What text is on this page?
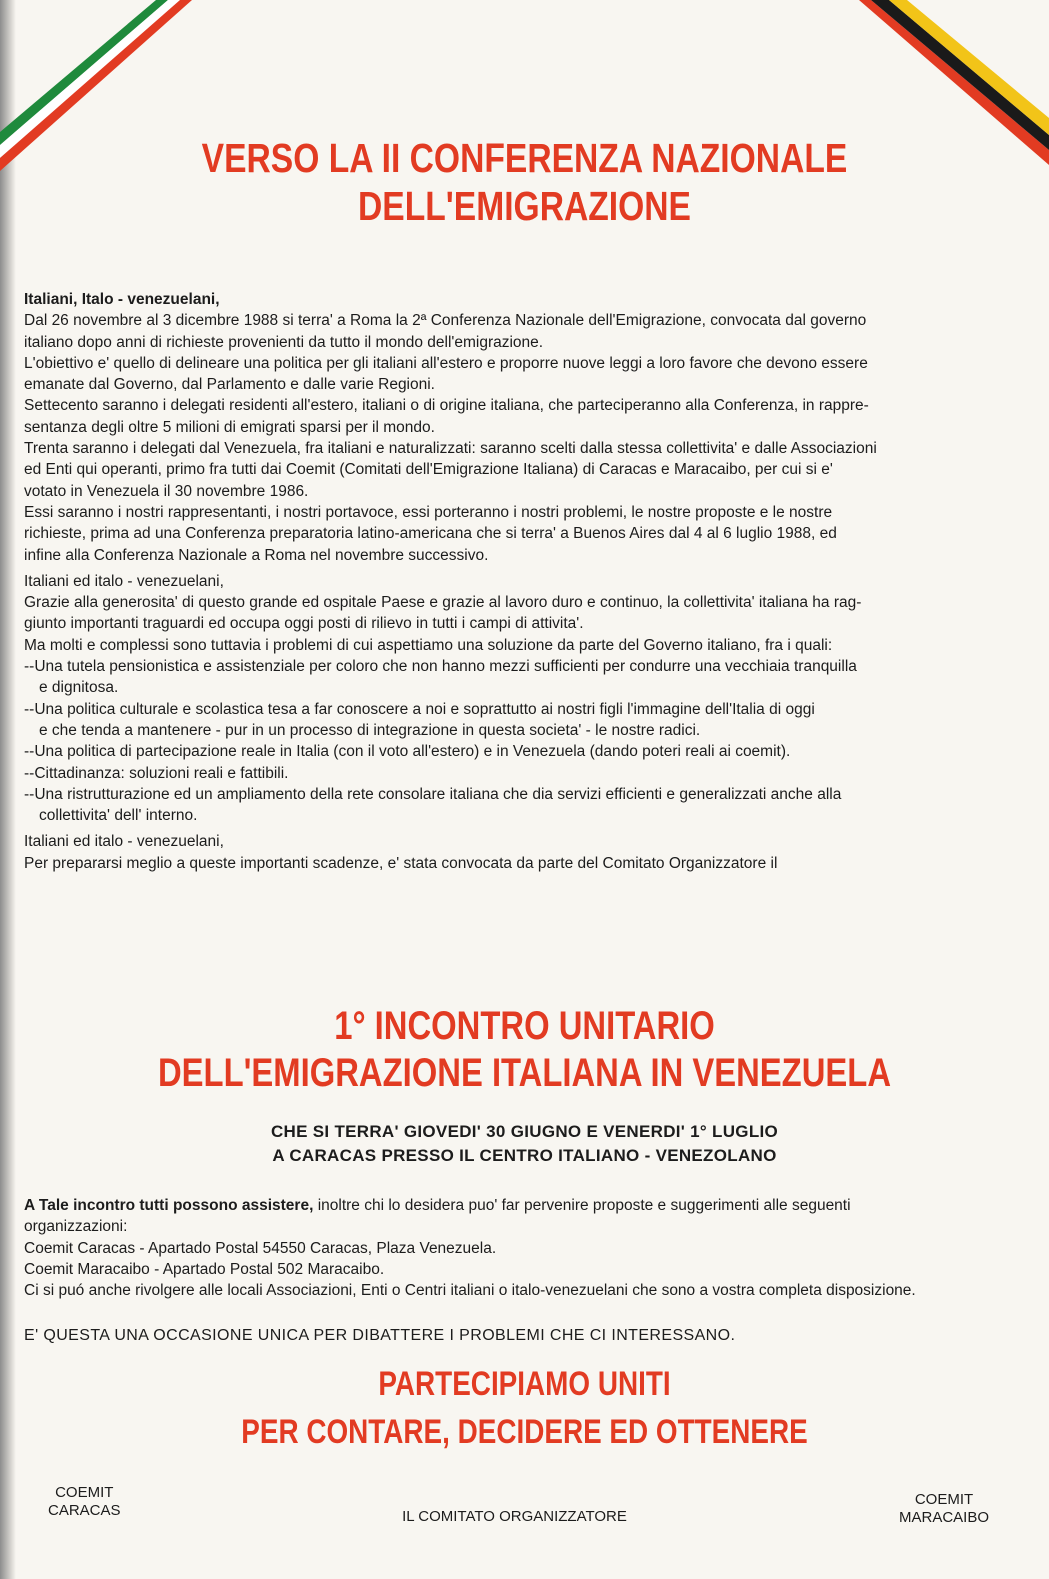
VERSO LA II CONFERENZA NAZIONALE
DELL'EMIGRAZIONE

Italiani, Italo - venezuelani,

Dal 26 novembre al 3 dicembre 1988 si terra' a Roma la 2ª Conferenza Nazionale dell'Emigrazione, convocata dal governo

italiano dopo anni di richieste provenienti da tutto il mondo dell'emigrazione.

L'obiettivo e' quello di delineare una politica per gli italiani all'estero e proporre nuove leggi a loro favore che devono essere

emanate dal Governo, dal Parlamento e dalle varie Regioni.

Settecento saranno i delegati residenti all'estero, italiani o di origine italiana, che parteciperanno alla Conferenza, in rappre-

sentanza degli oltre 5 milioni di emigrati sparsi per il mondo.

Trenta saranno i delegati dal Venezuela, fra italiani e naturalizzati: saranno scelti dalla stessa collettivita' e dalle Associazioni

ed Enti qui operanti, primo fra tutti dai Coemit (Comitati dell'Emigrazione Italiana) di Caracas e Maracaibo, per cui si e'

votato in Venezuela il 30 novembre 1986.

Essi saranno i nostri rappresentanti, i nostri portavoce, essi porteranno i nostri problemi, le nostre proposte e le nostre

richieste, prima ad una Conferenza preparatoria latino-americana che si terra' a Buenos Aires dal 4 al 6 luglio 1988, ed

infine alla Conferenza Nazionale a Roma nel novembre successivo.

Italiani ed italo - venezuelani,

Grazie alla generosita' di questo grande ed ospitale Paese e grazie al lavoro duro e continuo, la collettivita' italiana ha rag-

giunto importanti traguardi ed occupa oggi posti di rilievo in tutti i campi di attivita'.

Ma molti e complessi sono tuttavia i problemi di cui aspettiamo una soluzione da parte del Governo italiano, fra i quali:

--Una tutela pensionistica e assistenziale per coloro che non hanno mezzi sufficienti per condurre una vecchiaia tranquilla

e dignitosa.

--Una politica culturale e scolastica tesa a far conoscere a noi e soprattutto ai nostri figli l'immagine dell'Italia di oggi

e che tenda a mantenere - pur in un processo di integrazione in questa societa' - le nostre radici.

--Una politica di partecipazione reale in Italia (con il voto all'estero) e in Venezuela (dando poteri reali ai coemit).

--Cittadinanza: soluzioni reali e fattibili.

--Una ristrutturazione ed un ampliamento della rete consolare italiana che dia servizi efficienti e generalizzati anche alla

collettivita' dell' interno.

Italiani ed italo - venezuelani,

Per prepararsi meglio a queste importanti scadenze, e' stata convocata da parte del Comitato Organizzatore il

1° INCONTRO UNITARIO
DELL'EMIGRAZIONE ITALIANA IN VENEZUELA
CHE SI TERRA' GIOVEDI' 30 GIUGNO E VENERDI' 1° LUGLIO
A CARACAS PRESSO IL CENTRO ITALIANO - VENEZOLANO

A Tale incontro tutti possono assistere, inoltre chi lo desidera puo' far pervenire proposte e suggerimenti alle seguenti

organizzazioni:

Coemit Caracas - Apartado Postal 54550 Caracas, Plaza Venezuela.

Coemit Maracaibo - Apartado Postal 502 Maracaibo.

Ci si puó anche rivolgere alle locali Associazioni, Enti o Centri italiani o italo-venezuelani che sono a vostra completa disposizione.

E' QUESTA UNA OCCASIONE UNICA PER DIBATTERE I PROBLEMI CHE CI INTERESSANO.
PARTECIPIAMO UNITI
PER CONTARE, DECIDERE ED OTTENERE
COEMIT
CARACAS	IL COMITATO ORGANIZZATORE
COEMIT
MARACAIBO
